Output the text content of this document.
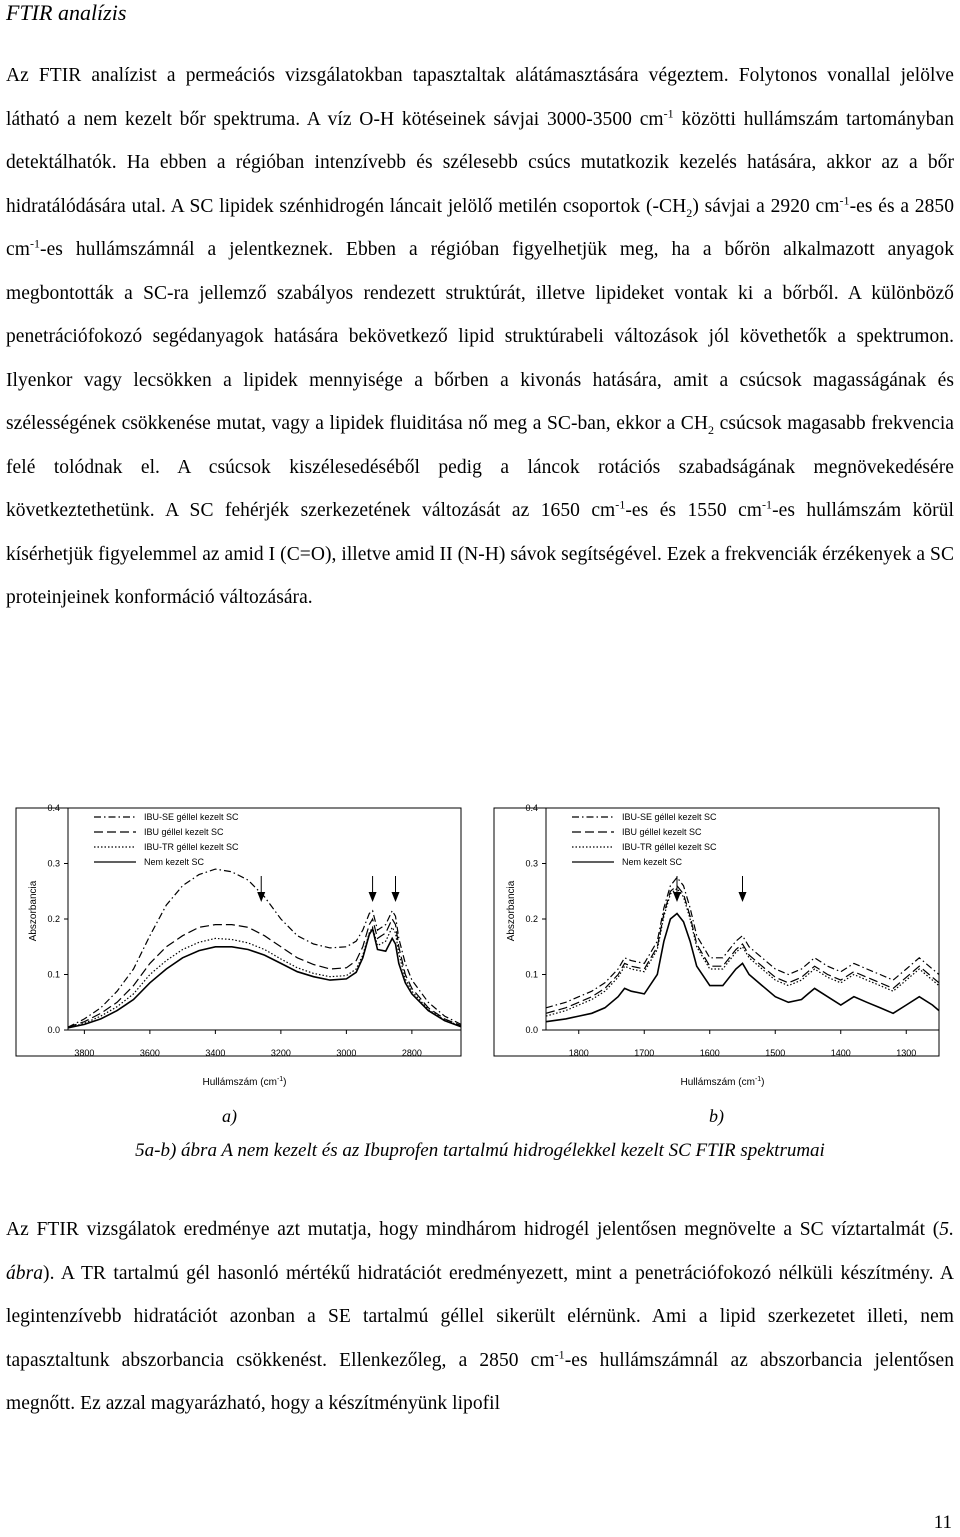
FTIR analízis

Az FTIR analízist a permeációs vizsgálatokban tapasztaltak alátámasztására végeztem. Folytonos vonallal jelölve látható a nem kezelt bőr spektruma. A víz O-H kötéseinek sávjai 3000-3500 $cm^{-1}$ közötti hullámszám tartományban detektálhatók. Ha ebben a régióban intenzívebb és szélesebb csúcs mutatkozik kezelés hatására, akkor az a bőr hidratálódására utal. A SC lipidek szénhidrogén láncait jelölő metilén csoportok $(-CH_2)$ sávjai a 2920 $cm^{-1}-es$ és a 2850 $cm^{-1}-es$ hullámszámnál a jelentkeznek. Ebben a régióban figyelhetjük meg, ha a bőrön alkalmazott anyagok megbontották a SC-ra jellemző szabályos rendezett struktúrát, illetve lipideket vontak ki a bőrből. A különböző penetrációfokozó segédanyagok hatására bekövetkező lipid struktúrabeli változások jól követhetők a spektrumon. Ilyenkor vagy lecsökken a lipidek mennyisége a bőrben a kivonás hatására, amit a csúcsok magasságának és szélességének csökkenése mutat, vagy a lipidek fluiditása nő meg a SC-ban, ekkor a $CH_2$ csúcsok magasabb frekvencia felé tolódnak el. A csúcsok kiszélesedéséből pedig a láncok rotációs szabadságának megnövekedésére következtethetünk. A SC fehérjék szerkezetének változását az 1650 $cm^{-1}-es$ és 1550 $cm^{-1}-es$ hullámszám körül kísérhetjük figyelemmel az amid I (C=O), illetve amid II (N-H) sávok segítségével. Ezek a frekvenciák érzékenyek a SC proteinjeinek konformáció változására.

0.0
0.1
0.2
0.3
0.4
3800	3600	3400	3200	3000	2800
Abszorbancia
Hullámszám $(cm^{-1})$
IBU-SE géllel kezelt SC
IBU géllel kezelt SC
IBU-TR géllel kezelt SC
Nem kezelt SC
0.0
0.1
0.2
0.3
0.4
1800	1700	1600	1500	1400	1300
Abszorbancia
Hullámszám $(cm^{-1})$
IBU-SE géllel kezelt SC
IBU géllel kezelt SC
IBU-TR géllel kezelt SC
Nem kezelt SC
a)	b)
5a-b) ábra A nem kezelt és az Ibuprofen tartalmú hidrogélekkel kezelt SC FTIR spektrumai

Az FTIR vizsgálatok eredménye azt mutatja, hogy mindhárom hidrogél jelentősen megnövelte a SC víztartalmát (5. ábra). A TR tartalmú gél hasonló mértékű hidratációt eredményezett, mint a penetrációfokozó nélküli készítmény. A legintenzívebb hidratációt azonban a SE tartalmú géllel sikerült elérnünk. Ami a lipid szerkezetet illeti, nem tapasztaltunk abszorbancia csökkenést. Ellenkezőleg, a 2850 $cm^{-1}-es$ hullámszámnál az abszorbancia jelentősen megnőtt. Ez azzal magyarázható, hogy a készítményünk lipofil

11
